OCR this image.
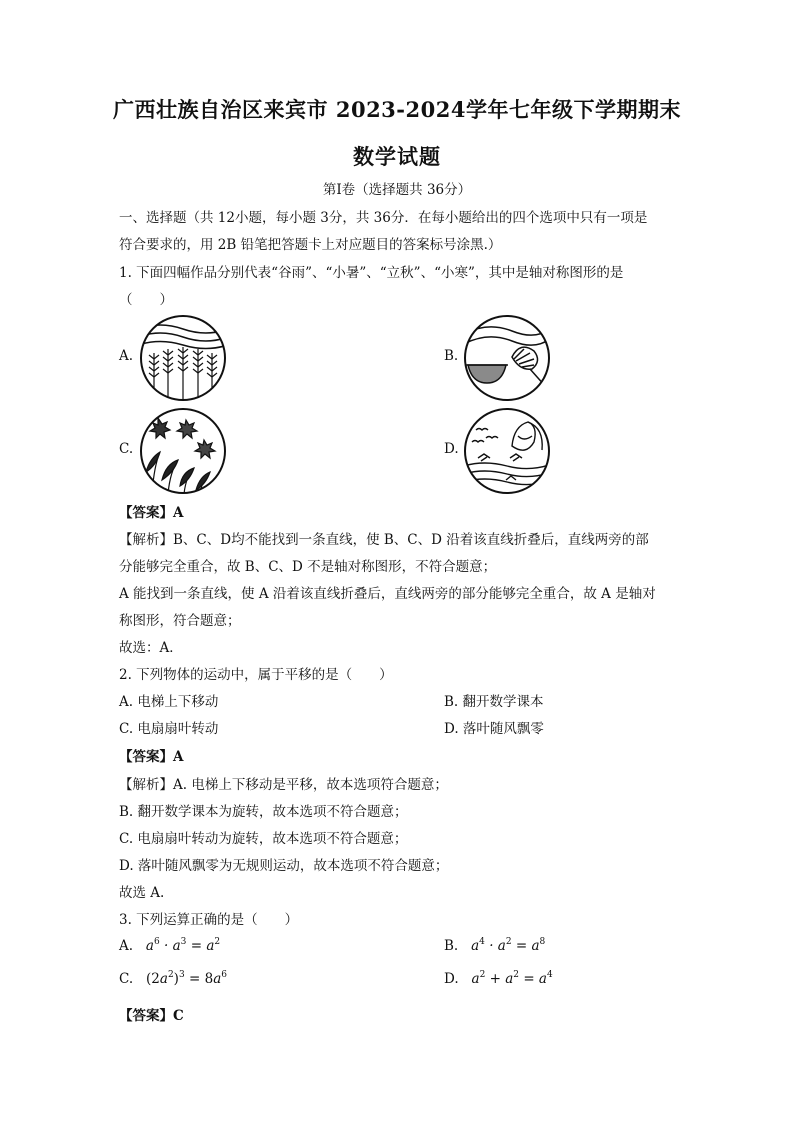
广西壮族自治区来宾市 2023-2024学年七年级下学期期末
数学试题
第Ⅰ卷（选择题共 36分）
一、选择题（共 12小题，每小题 3分，共 36分．在每小题给出的四个选项中只有一项是
符合要求的，用 2B 铅笔把答题卡上对应题目的答案标号涂黑.）
1. 下面四幅作品分别代表“谷雨”、“小暑”、“立秋”、“小寒”，其中是轴对称图形的是
（　　）
A.	B.
C.	D.
【答案】A
【解析】B、C、D均不能找到一条直线，使 B、C、D 沿着该直线折叠后，直线两旁的部
分能够完全重合，故 B、C、D 不是轴对称图形，不符合题意；
A 能找到一条直线，使 A 沿着该直线折叠后，直线两旁的部分能够完全重合，故 A 是轴对
称图形，符合题意；
故选：A．
2. 下列物体的运动中，属于平移的是（　　）
A. 电梯上下移动	B. 翻开数学课本
C. 电扇扇叶转动	D. 落叶随风飘零
【答案】A
【解析】A. 电梯上下移动是平移，故本选项符合题意；
B. 翻开数学课本为旋转，故本选项不符合题意；
C. 电扇扇叶转动为旋转，故本选项不符合题意；
D. 落叶随风飘零为无规则运动，故本选项不符合题意；
故选 A.
3. 下列运算正确的是（　　）
A. $a^6 \cdot a^3 = a^2$	B. $a^4 \cdot a^2 = a^8$
C. $(2a^2)^3 = 8a^6$	D. $a^2 + a^2 = a^4$
【答案】C
